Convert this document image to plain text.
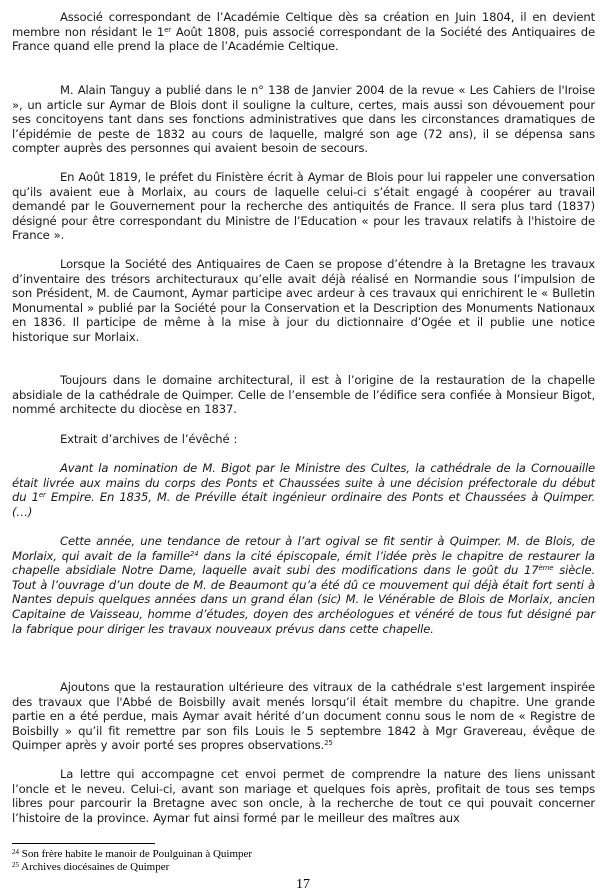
Associé correspondant de l’Académie Celtique dès sa création en Juin 1804, il en devient membre non résidant le 1er Août 1808, puis associé correspondant de la Société des Antiquaires de France quand elle prend la place de l’Académie Celtique.

M. Alain Tanguy a publié dans le n° 138 de Janvier 2004 de la revue « Les Cahiers de l'Iroise », un article sur Aymar de Blois dont il souligne la culture, certes, mais aussi son dévouement pour ses concitoyens tant dans ses fonctions administratives que dans les circonstances dramatiques de l’épidémie de peste de 1832 au cours de laquelle, malgré son age (72 ans), il se dépensa sans compter auprès des personnes qui avaient besoin de secours.

En Août 1819, le préfet du Finistère écrit à Aymar de Blois pour lui rappeler une conversation qu’ils avaient eue à Morlaix, au cours de laquelle celui-ci s’était engagé à coopérer au travail demandé par le Gouvernement pour la recherche des antiquités de France. Il sera plus tard (1837) désigné pour être correspondant du Ministre de l’Education « pour les travaux relatifs à l'histoire de France ».

Lorsque la Société des Antiquaires de Caen se propose d’étendre à la Bretagne les travaux d’inventaire des trésors architecturaux qu’elle avait déjà réalisé en Normandie sous l’impulsion de son Président, M. de Caumont, Aymar participe avec ardeur à ces travaux qui enrichirent le « Bulletin Monumental » publié par la Société pour la Conservation et la Description des Monuments Nationaux en 1836. Il participe de même à la mise à jour du dictionnaire d’Ogée et il publie une notice historique sur Morlaix.

Toujours dans le domaine architectural, il est à l’origine de la restauration de la chapelle absidiale de la cathédrale de Quimper. Celle de l’ensemble de l’édifice sera confiée à Monsieur Bigot, nommé architecte du diocèse en 1837.

Extrait d’archives de l’évêché :

Avant la nomination de M. Bigot par le Ministre des Cultes, la cathédrale de la Cornouaille était livrée aux mains du corps des Ponts et Chaussées suite à une décision préfectorale du début du 1er Empire. En 1835, M. de Préville était ingénieur ordinaire des Ponts et Chaussées à Quimper. (…)

Cette année, une tendance de retour à l’art ogival se fit sentir à Quimper. M. de Blois, de Morlaix, qui avait de la famille$^{24}$ dans la cité épiscopale, émit l’idée près le chapitre de restaurer la chapelle absidiale Notre Dame, laquelle avait subi des modifications dans le goût du 17ème siècle. Tout à l’ouvrage d’un doute de M. de Beaumont qu’a été dû ce mouvement qui déjà était fort senti à Nantes depuis quelques années dans un grand élan (sic) M. le Vénérable de Blois de Morlaix, ancien Capitaine de Vaisseau, homme d’études, doyen des archéologues et vénéré de tous fut désigné par la fabrique pour diriger les travaux nouveaux prévus dans cette chapelle.

Ajoutons que la restauration ultérieure des vitraux de la cathédrale s'est largement inspirée des travaux que l'Abbé de Boisbilly avait menés lorsqu’il était membre du chapitre. Une grande partie en a été perdue, mais Aymar avait hérité d’un document connu sous le nom de « Registre de Boisbilly » qu’il fit remettre par son fils Louis le 5 septembre 1842 à Mgr Gravereau, évêque de Quimper après y avoir porté ses propres observations.$^{25}$

La lettre qui accompagne cet envoi permet de comprendre la nature des liens unissant l’oncle et le neveu. Celui-ci, avant son mariage et quelques fois après, profitait de tous ses temps libres pour parcourir la Bretagne avec son oncle, à la recherche de tout ce qui pouvait concerner l’histoire de la province. Aymar fut ainsi formé par le meilleur des maîtres aux

$^{24}$ Son frère habite le manoir de Poulguinan à Quimper
$^{25}$ Archives diocésaines de Quimper
17
